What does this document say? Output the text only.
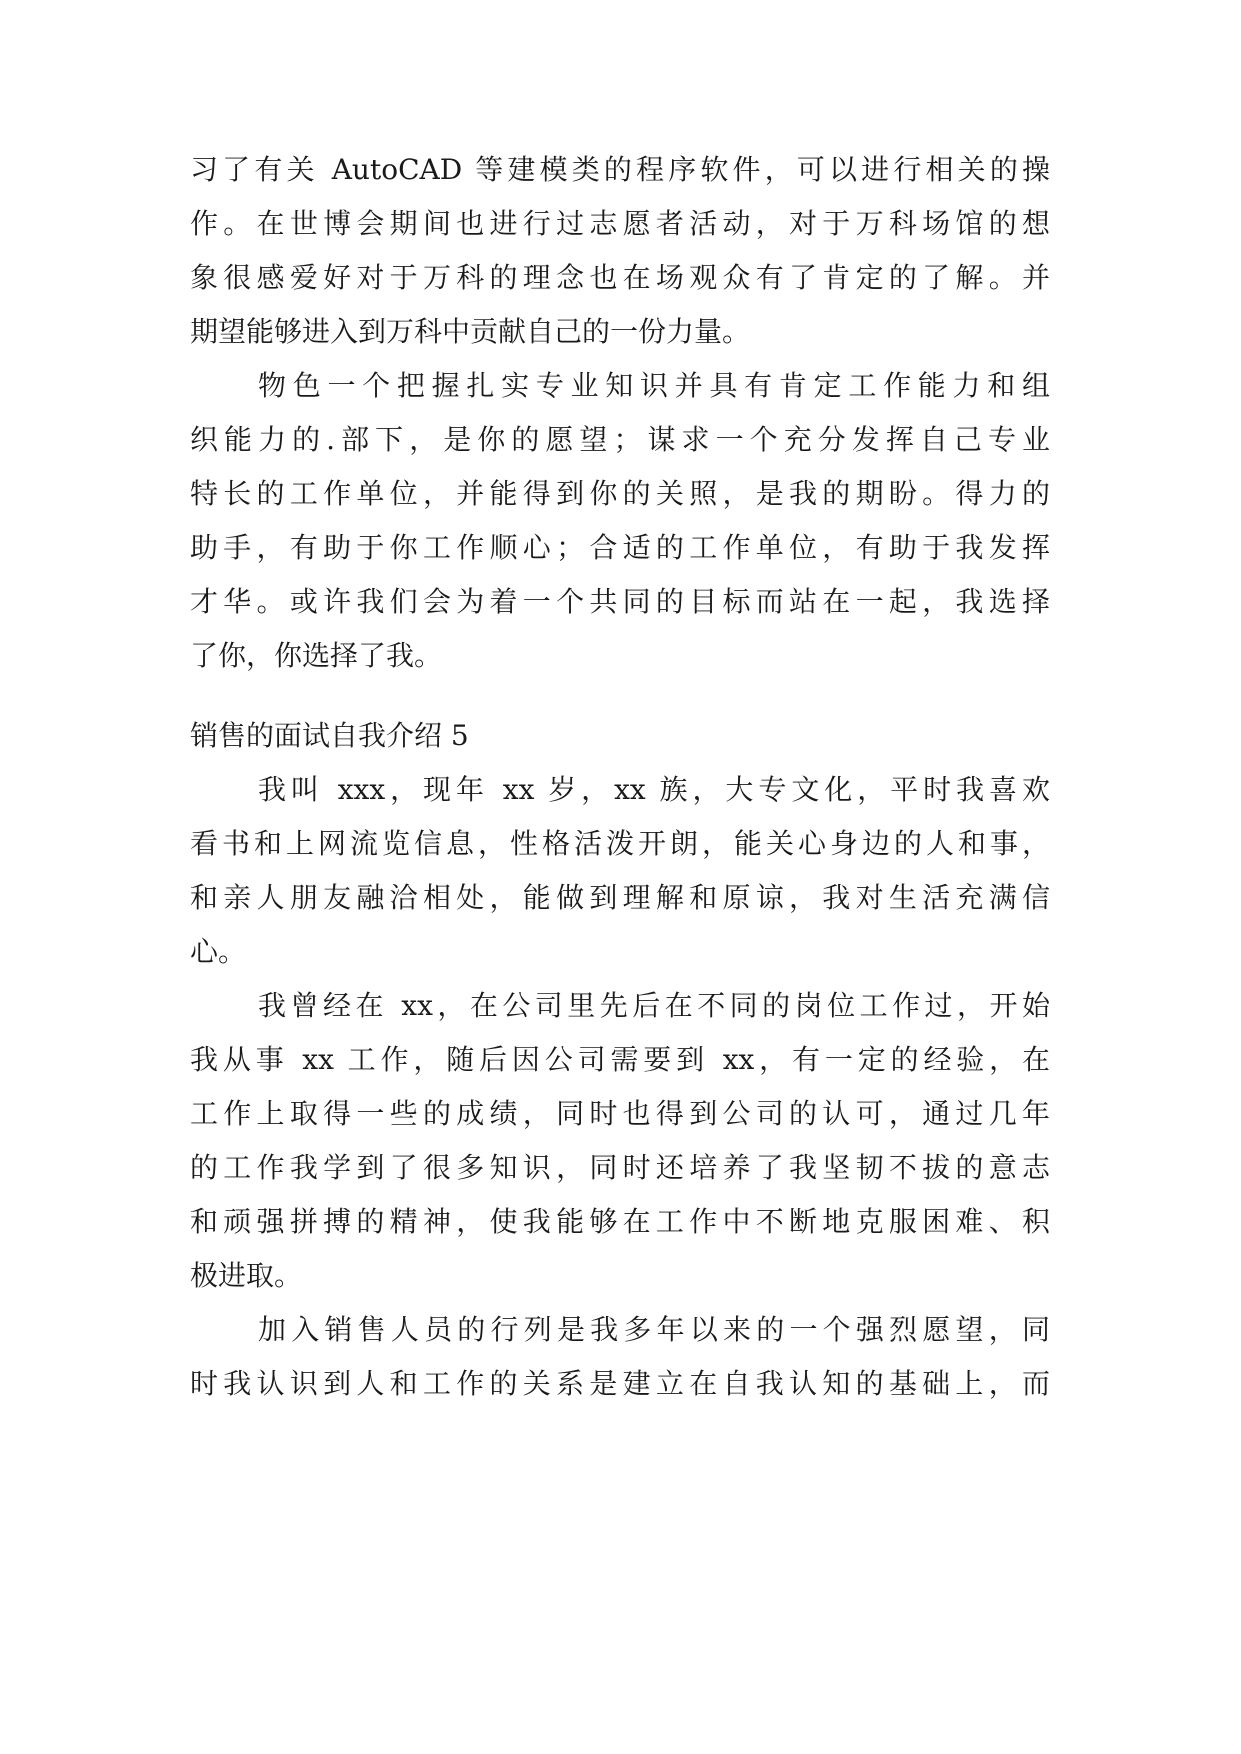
习了有关 AutoCAD 等建模类的程序软件，可以进行相关的操
作。在世博会期间也进行过志愿者活动，对于万科场馆的想
象很感爱好对于万科的理念也在场观众有了肯定的了解。并
期望能够进入到万科中贡献自己的一份力量。
物色一个把握扎实专业知识并具有肯定工作能力和组
织能力的.部下，是你的愿望；谋求一个充分发挥自己专业
特长的工作单位，并能得到你的关照，是我的期盼。得力的
助手，有助于你工作顺心；合适的工作单位，有助于我发挥
才华。或许我们会为着一个共同的目标而站在一起，我选择
了你，你选择了我。
销售的面试自我介绍 5
我叫 xxx，现年 xx 岁，xx 族，大专文化，平时我喜欢
看书和上网流览信息，性格活泼开朗，能关心身边的人和事，
和亲人朋友融洽相处，能做到理解和原谅，我对生活充满信
心。
我曾经在 xx，在公司里先后在不同的岗位工作过，开始
我从事 xx 工作，随后因公司需要到 xx，有一定的经验，在
工作上取得一些的成绩，同时也得到公司的认可，通过几年
的工作我学到了很多知识，同时还培养了我坚韧不拔的意志
和顽强拼搏的精神，使我能够在工作中不断地克服困难、积
极进取。
加入销售人员的行列是我多年以来的一个强烈愿望，同
时我认识到人和工作的关系是建立在自我认知的基础上，而
